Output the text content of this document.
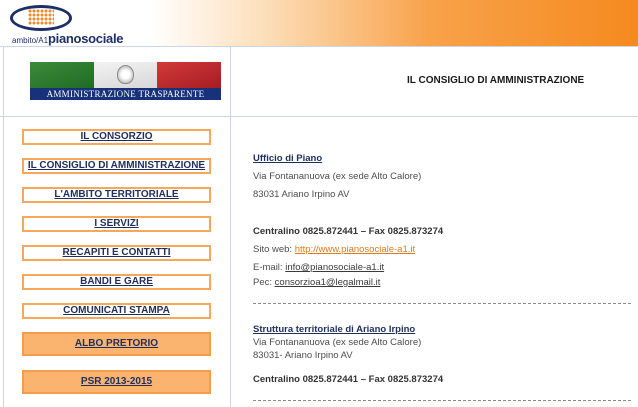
ambito/A1pianosociale
AMMINISTRAZIONE TRASPARENTE
IL CONSIGLIO DI AMMINISTRAZIONE
IL CONSORZIO
IL CONSIGLIO DI AMMINISTRAZIONE
L'AMBITO TERRITORIALE
I SERVIZI
RECAPITI E CONTATTI
BANDI E GARE
COMUNICATI STAMPA
ALBO PRETORIO
PSR 2013-2015
Ufficio di Piano
Via Fontananuova (ex sede Alto Calore)
83031 Ariano Irpino AV
Centralino 0825.872441 – Fax 0825.873274
Sito web: http://www.pianosociale-a1.it
E-mail: info@pianosociale-a1.it
Pec: consorzioa1@legalmail.it
Struttura territoriale di Ariano Irpino
Via Fontananuova (ex sede Alto Calore)
83031- Ariano Irpino AV
Centralino 0825.872441 – Fax 0825.873274
